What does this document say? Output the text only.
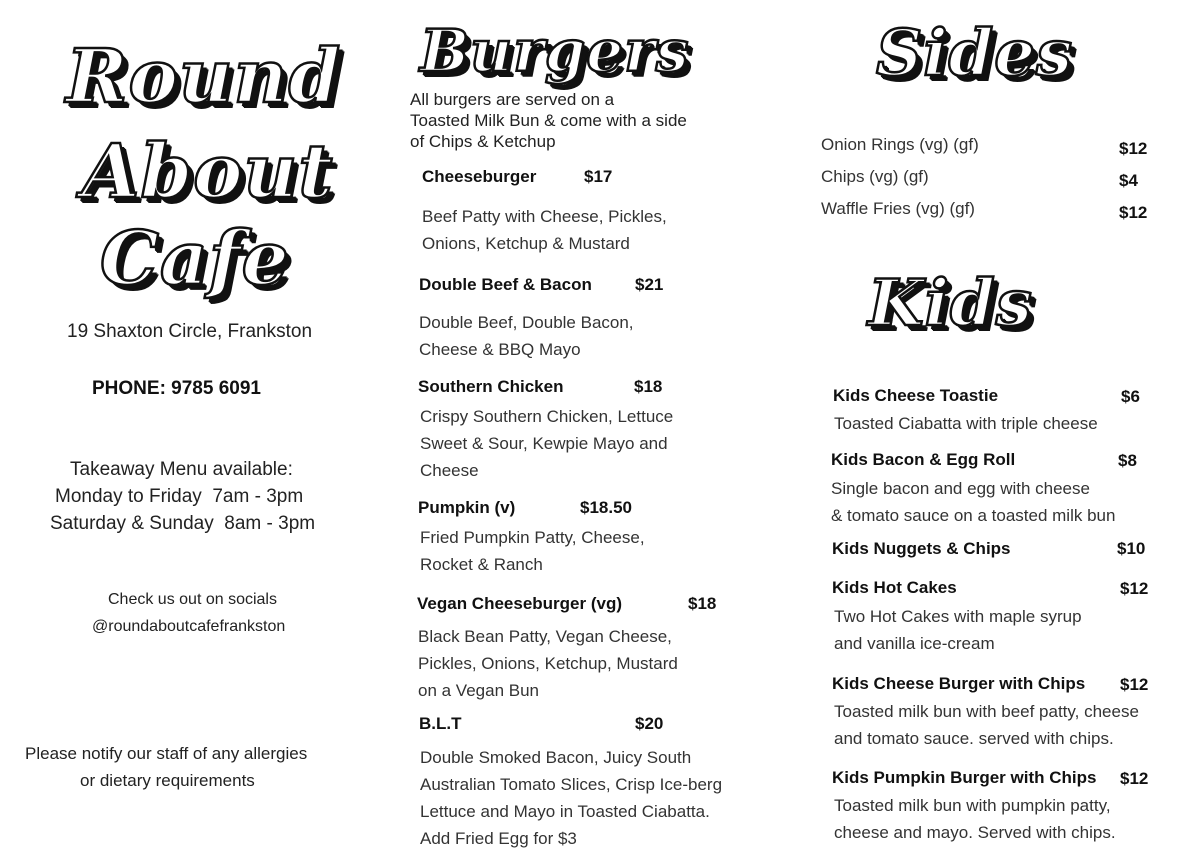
Round
About
Cafe
19 Shaxton Circle, Frankston
PHONE: 9785 6091
Takeaway Menu available:
Monday to Friday  7am - 3pm
Saturday & Sunday  8am - 3pm
Check us out on socials
@roundaboutcafefrankston
Please notify our staff of any allergies
or dietary requirements
Burgers
All burgers are served on a
Toasted Milk Bun & come with a side
of Chips & Ketchup
Cheeseburger	$17
Beef Patty with Cheese, Pickles,
Onions, Ketchup & Mustard
Double Beef & Bacon	$21
Double Beef, Double Bacon,
Cheese & BBQ Mayo
Southern Chicken	$18
Crispy Southern Chicken, Lettuce
Sweet & Sour, Kewpie Mayo and
Cheese
Pumpkin (v)	$18.50
Fried Pumpkin Patty, Cheese,
Rocket & Ranch
Vegan Cheeseburger (vg)	$18
Black Bean Patty, Vegan Cheese,
Pickles, Onions, Ketchup, Mustard
on a Vegan Bun
B.L.T	$20
Double Smoked Bacon, Juicy South
Australian Tomato Slices, Crisp Ice-berg
Lettuce and Mayo in Toasted Ciabatta.
Add Fried Egg for $3
Sides
Onion Rings (vg) (gf)	$12
Chips (vg) (gf)	$4
Waffle Fries (vg) (gf)	$12
Kids
Kids Cheese Toastie	$6
Toasted Ciabatta with triple cheese
Kids Bacon & Egg Roll	$8
Single bacon and egg with cheese
& tomato sauce on a toasted milk bun
Kids Nuggets & Chips	$10
Kids Hot Cakes	$12
Two Hot Cakes with maple syrup
and vanilla ice-cream
Kids Cheese Burger with Chips $12
Toasted milk bun with beef patty, cheese
and tomato sauce. served with chips.
Kids Pumpkin Burger with Chips $12
Toasted milk bun with pumpkin patty,
cheese and mayo. Served with chips.
